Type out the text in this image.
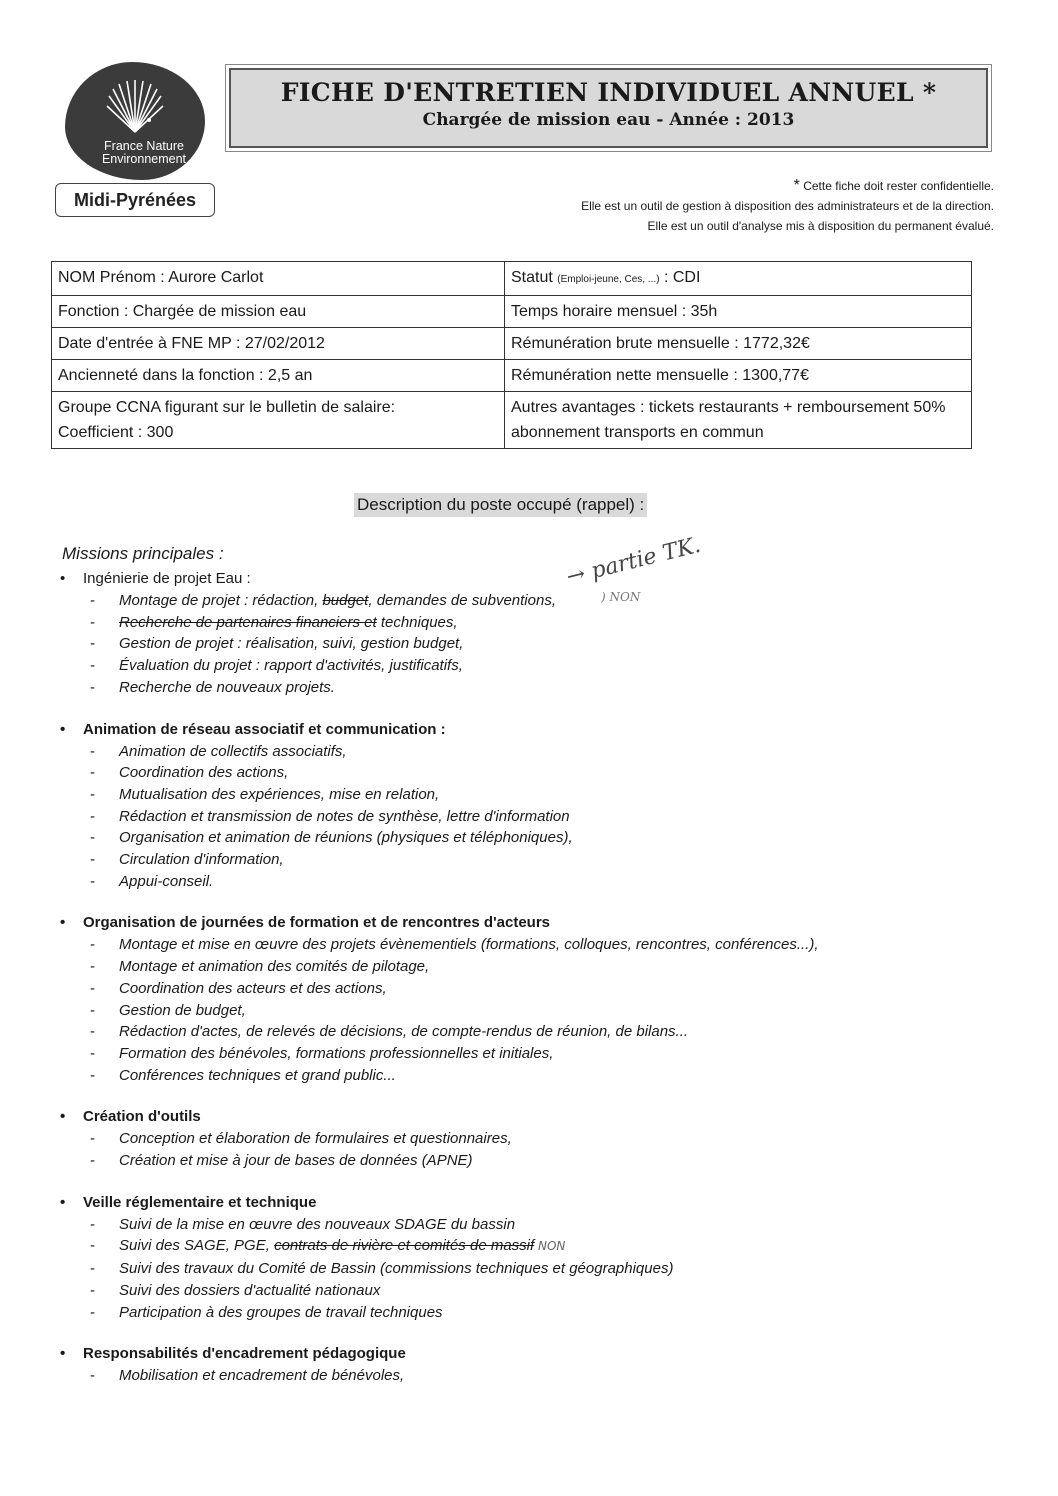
France Nature
Environnement
Midi-Pyrénées
FICHE D'ENTRETIEN INDIVIDUEL ANNUEL *
Chargée de mission eau - Année : 2013
* Cette fiche doit rester confidentielle.
Elle est un outil de gestion à disposition des administrateurs et de la direction.
Elle est un outil d'analyse mis à disposition du permanent évalué.
NOM Prénom : Aurore Carlot	Statut (Emploi-jeune, Ces, ...) : CDI
Fonction : Chargée de mission eau	Temps horaire mensuel : 35h
Date d'entrée à FNE MP : 27/02/2012	Rémunération brute mensuelle : 1772,32€
Ancienneté dans la fonction : 2,5 an	Rémunération nette mensuelle : 1300,77€

Groupe CCNA figurant sur le bulletin de salaire:
Coefficient : 300	Autres avantages : tickets restaurants + remboursement 50% abonnement transports en commun
Description du poste occupé (rappel) :
→ partie TK.
) NON
Missions principales :
• Ingénierie de projet Eau :
- Montage de projet : rédaction, budget, demandes de subventions,
- Recherche de partenaires financiers et techniques,
- Gestion de projet : réalisation, suivi, gestion budget,
- Évaluation du projet : rapport d'activités, justificatifs,
- Recherche de nouveaux projets.
• Animation de réseau associatif et communication :
- Animation de collectifs associatifs,
- Coordination des actions,
- Mutualisation des expériences, mise en relation,
- Rédaction et transmission de notes de synthèse, lettre d'information
- Organisation et animation de réunions (physiques et téléphoniques),
- Circulation d'information,
- Appui-conseil.
• Organisation de journées de formation et de rencontres d'acteurs
- Montage et mise en œuvre des projets évènementiels (formations, colloques, rencontres, conférences...),
- Montage et animation des comités de pilotage,
- Coordination des acteurs et des actions,
- Gestion de budget,
- Rédaction d'actes, de relevés de décisions, de compte-rendus de réunion, de bilans...
- Formation des bénévoles, formations professionnelles et initiales,
- Conférences techniques et grand public...
• Création d'outils
- Conception et élaboration de formulaires et questionnaires,
- Création et mise à jour de bases de données (APNE)
• Veille réglementaire et technique
- Suivi de la mise en œuvre des nouveaux SDAGE du bassin
- Suivi des SAGE, PGE, contrats de rivière et comités de massif NON
- Suivi des travaux du Comité de Bassin (commissions techniques et géographiques)
- Suivi des dossiers d'actualité nationaux
- Participation à des groupes de travail techniques
• Responsabilités d'encadrement pédagogique
- Mobilisation et encadrement de bénévoles,
